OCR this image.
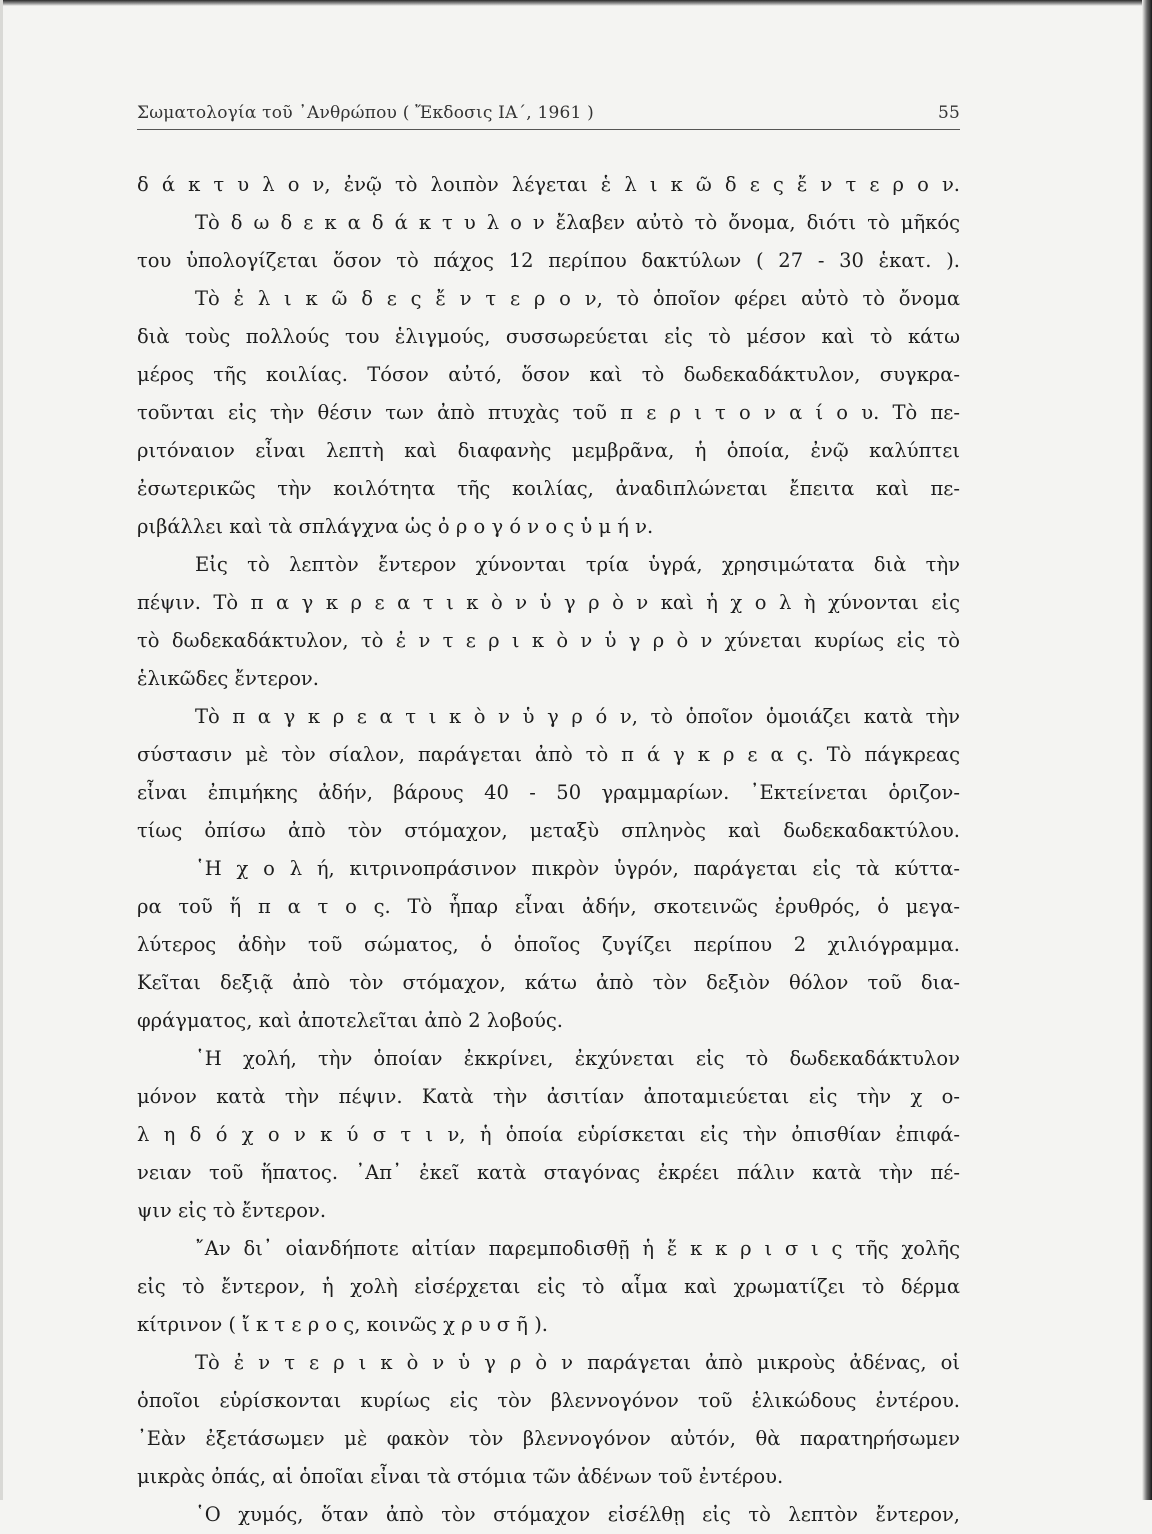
Σωματολογία τοῦ ᾿Ανθρώπου ( Ἔκδοσις ΙΑ΄, 1961 )	55
δ ά κ τ υ λ ο ν, ἐνῷ τὸ λοιπὸν λέγεται ἑ λ ι κ ῶ δ ε ς ἔ ν τ ε ρ ο ν.
Τὸ δ ω δ ε κ α δ ά κ τ υ λ ο ν ἔλαβεν αὐτὸ τὸ ὄνομα, διότι τὸ μῆκός
του ὑπολογίζεται ὅσον τὸ πάχος 12 περίπου δακτύλων ( 27 - 30 ἑκατ. ).
Τὸ ἑ λ ι κ ῶ δ ε ς ἔ ν τ ε ρ ο ν, τὸ ὁποῖον φέρει αὐτὸ τὸ ὄνομα
διὰ τοὺς πολλούς του ἑλιγμούς, συσσωρεύεται εἰς τὸ μέσον καὶ τὸ κάτω
μέρος τῆς κοιλίας. Τόσον αὐτό, ὅσον καὶ τὸ δωδεκαδάκτυλον, συγκρα-
τοῦνται εἰς τὴν θέσιν των ἀπὸ πτυχὰς τοῦ π ε ρ ι τ ο ν α ί ο υ. Τὸ πε-
ριτόναιον εἶναι λεπτὴ καὶ διαφανὴς μεμβρᾶνα, ἡ ὁποία, ἐνῷ καλύπτει
ἐσωτερικῶς τὴν κοιλότητα τῆς κοιλίας, ἀναδιπλώνεται ἔπειτα καὶ πε-
ριβάλλει καὶ τὰ σπλάγχνα ὡς ὀ ρ ο γ ό ν ο ς ὑ μ ή ν.
Εἰς τὸ λεπτὸν ἔντερον χύνονται τρία ὑγρά, χρησιμώτατα διὰ τὴν
πέψιν. Τὸ π α γ κ ρ ε α τ ι κ ὸ ν ὑ γ ρ ὸ ν καὶ ἡ χ ο λ ὴ χύνονται εἰς
τὸ δωδεκαδάκτυλον, τὸ ἐ ν τ ε ρ ι κ ὸ ν ὑ γ ρ ὸ ν χύνεται κυρίως εἰς τὸ
ἑλικῶδες ἔντερον.
Τὸ π α γ κ ρ ε α τ ι κ ὸ ν ὑ γ ρ ό ν, τὸ ὁποῖον ὁμοιάζει κατὰ τὴν
σύστασιν μὲ τὸν σίαλον, παράγεται ἀπὸ τὸ π ά γ κ ρ ε α ς. Τὸ πάγκρεας
εἶναι ἐπιμήκης ἀδήν, βάρους 40 - 50 γραμμαρίων. ᾿Εκτείνεται ὁριζον-
τίως ὀπίσω ἀπὸ τὸν στόμαχον, μεταξὺ σπληνὸς καὶ δωδεκαδακτύλου.
῾Η χ ο λ ή, κιτρινοπράσινον πικρὸν ὑγρόν, παράγεται εἰς τὰ κύττα-
ρα τοῦ ἥ π α τ ο ς. Τὸ ἧπαρ εἶναι ἀδήν, σκοτεινῶς ἐρυθρός, ὁ μεγα-
λύτερος ἀδὴν τοῦ σώματος, ὁ ὁποῖος ζυγίζει περίπου 2 χιλιόγραμμα.
Κεῖται δεξιᾷ ἀπὸ τὸν στόμαχον, κάτω ἀπὸ τὸν δεξιὸν θόλον τοῦ δια-
φράγματος, καὶ ἀποτελεῖται ἀπὸ 2 λοβούς.
῾Η χολή, τὴν ὁποίαν ἐκκρίνει, ἐκχύνεται εἰς τὸ δωδεκαδάκτυλον
μόνον κατὰ τὴν πέψιν. Κατὰ τὴν ἀσιτίαν ἀποταμιεύεται εἰς τὴν χ ο-
λ η δ ό χ ο ν κ ύ σ τ ι ν, ἡ ὁποία εὑρίσκεται εἰς τὴν ὀπισθίαν ἐπιφά-
νειαν τοῦ ἥπατος. ᾿Απ᾿ ἐκεῖ κατὰ σταγόνας ἐκρέει πάλιν κατὰ τὴν πέ-
ψιν εἰς τὸ ἔντερον.
῎Αν δι᾿ οἱανδήποτε αἰτίαν παρεμποδισθῇ ἡ ἔ κ κ ρ ι σ ι ς τῆς χολῆς
εἰς τὸ ἔντερον, ἡ χολὴ εἰσέρχεται εἰς τὸ αἷμα καὶ χρωματίζει τὸ δέρμα
κίτρινον ( ἴ κ τ ε ρ ο ς, κοινῶς χ ρ υ σ ῆ ).
Τὸ ἐ ν τ ε ρ ι κ ὸ ν ὑ γ ρ ὸ ν παράγεται ἀπὸ μικροὺς ἀδένας, οἱ
ὁποῖοι εὑρίσκονται κυρίως εἰς τὸν βλεννογόνον τοῦ ἑλικώδους ἐντέρου.
᾿Εὰν ἐξετάσωμεν μὲ φακὸν τὸν βλεννογόνον αὐτόν, θὰ παρατηρήσωμεν
μικρὰς ὀπάς, αἱ ὁποῖαι εἶναι τὰ στόμια τῶν ἀδένων τοῦ ἐντέρου.
῾Ο χυμός, ὅταν ἀπὸ τὸν στόμαχον εἰσέλθῃ εἰς τὸ λεπτὸν ἔντερον,
